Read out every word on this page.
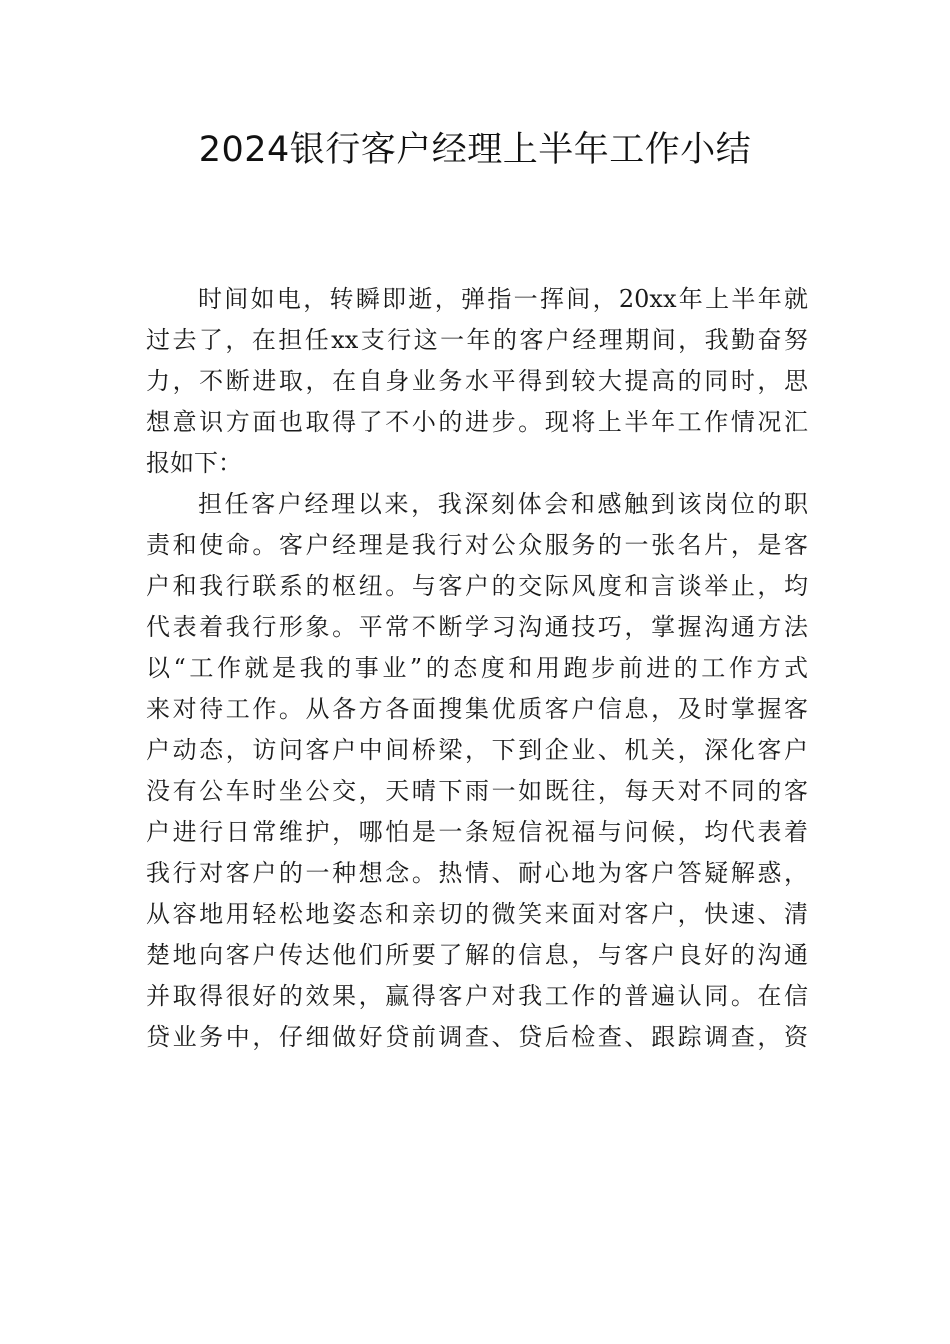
2024银行客户经理上半年工作小结
时间如电，转瞬即逝，弹指一挥间，20xx年上半年就
过去了，在担任xx支行这一年的客户经理期间，我勤奋努
力，不断进取，在自身业务水平得到较大提高的同时，思
想意识方面也取得了不小的进步。现将上半年工作情况汇
报如下：
担任客户经理以来，我深刻体会和感触到该岗位的职
责和使命。客户经理是我行对公众服务的一张名片，是客
户和我行联系的枢纽。与客户的交际风度和言谈举止，均
代表着我行形象。平常不断学习沟通技巧，掌握沟通方法
以“工作就是我的事业”的态度和用跑步前进的工作方式
来对待工作。从各方各面搜集优质客户信息，及时掌握客
户动态，访问客户中间桥梁，下到企业、机关，深化客户
没有公车时坐公交，天晴下雨一如既往，每天对不同的客
户进行日常维护，哪怕是一条短信祝福与问候，均代表着
我行对客户的一种想念。热情、耐心地为客户答疑解惑，
从容地用轻松地姿态和亲切的微笑来面对客户，快速、清
楚地向客户传达他们所要了解的信息，与客户良好的沟通
并取得很好的效果，赢得客户对我工作的普遍认同。在信
贷业务中，仔细做好贷前调查、贷后检查、跟踪调查，资
